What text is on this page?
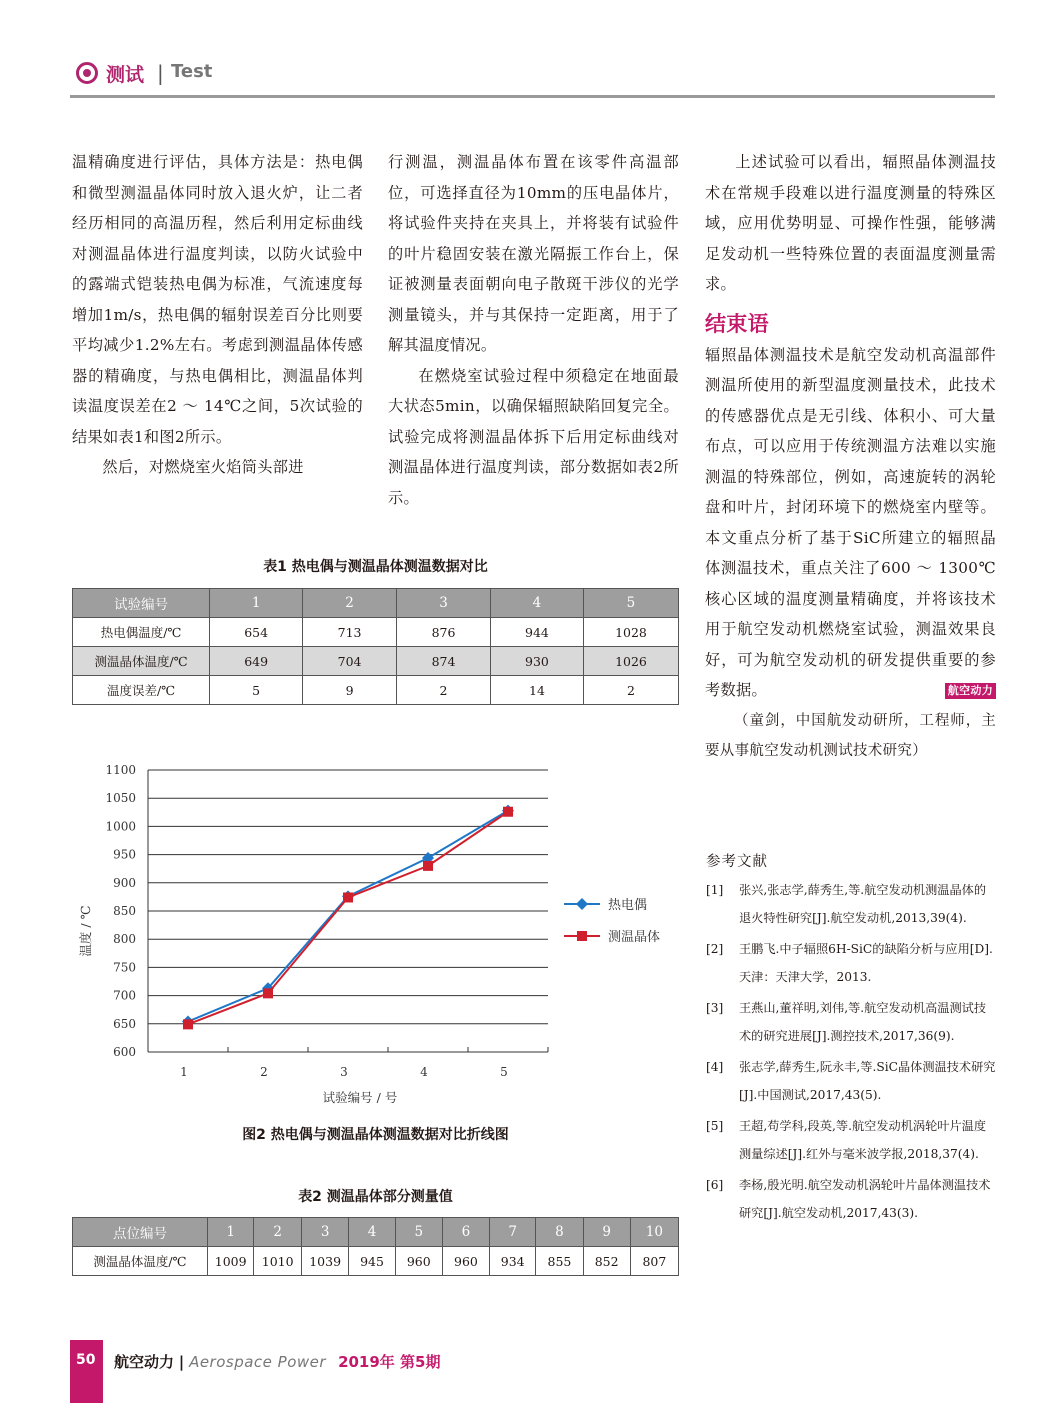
测试 | Test

温精确度进行评估，具体方法是：热电偶和微型测温晶体同时放入退火炉，让二者经历相同的高温历程，然后利用定标曲线对测温晶体进行温度判读，以防火试验中的露端式铠装热电偶为标准，气流速度每增加1m/s，热电偶的辐射误差百分比则要平均减少1.2%左右。考虑到测温晶体传感器的精确度，与热电偶相比，测温晶体判读温度误差在2 ～ 14℃之间，5次试验的结果如表1和图2所示。

然后，对燃烧室火焰筒头部进

行测温，测温晶体布置在该零件高温部位，可选择直径为10mm的压电晶体片，将试验件夹持在夹具上，并将装有试验件的叶片稳固安装在激光隔振工作台上，保证被测量表面朝向电子散斑干涉仪的光学测量镜头，并与其保持一定距离，用于了解其温度情况。

在燃烧室试验过程中须稳定在地面最大状态5min，以确保辐照缺陷回复完全。试验完成将测温晶体拆下后用定标曲线对测温晶体进行温度判读，部分数据如表2所示。

上述试验可以看出，辐照晶体测温技术在常规手段难以进行温度测量的特殊区域，应用优势明显、可操作性强，能够满足发动机一些特殊位置的表面温度测量需求。

结束语

辐照晶体测温技术是航空发动机高温部件测温所使用的新型温度测量技术，此技术的传感器优点是无引线、体积小、可大量布点，可以应用于传统测温方法难以实施测温的特殊部位，例如，高速旋转的涡轮盘和叶片，封闭环境下的燃烧室内壁等。本文重点分析了基于SiC所建立的辐照晶体测温技术，重点关注了600 ～ 1300℃核心区域的温度测量精确度，并将该技术用于航空发动机燃烧室试验，测温效果良好，可为航空发动机的研发提供重要的参考数据。	航空动力

（童剑，中国航发动研所，工程师，主要从事航空发动机测试技术研究）

参考文献
[1] 张兴,张志学,薛秀生,等.航空发动机测温晶体的退火特性研究[J].航空发动机,2013,39(4).
[2] 王鹏飞.中子辐照6H-SiC的缺陷分析与应用[D].天津：天津大学，2013.
[3] 王燕山,董祥明,刘伟,等.航空发动机高温测试技术的研究进展[J].测控技术,2017,36(9).
[4] 张志学,薛秀生,阮永丰,等.SiC晶体测温技术研究[J].中国测试,2017,43(5).
[5] 王超,苟学科,段英,等.航空发动机涡轮叶片温度测量综述[J].红外与毫米波学报,2018,37(4).
[6] 李杨,殷光明.航空发动机涡轮叶片晶体测温技术研究[J].航空发动机,2017,43(3).
表1 热电偶与测温晶体测温数据对比
试验编号	1	2	3	4	5
热电偶温度/℃	654	713	876	944	1028
测温晶体温度/℃	649	704	874	930	1026
温度误差/℃	5	9	2	14	2
600
650
700
750
800
850
900
950
1000
1050
1100
1	2	3	4	5
试验编号 / 号
温度 / ℃	热电偶
测温晶体
图2 热电偶与测温晶体测温数据对比折线图
表2 测温晶体部分测量值
点位编号	1	2	3	4	5	6	7	8	9	10
测温晶体温度/℃	1009	1010	1039	945	960	960	934	855	852	807
50 航空动力 | Aerospace Power 2019年 第5期
